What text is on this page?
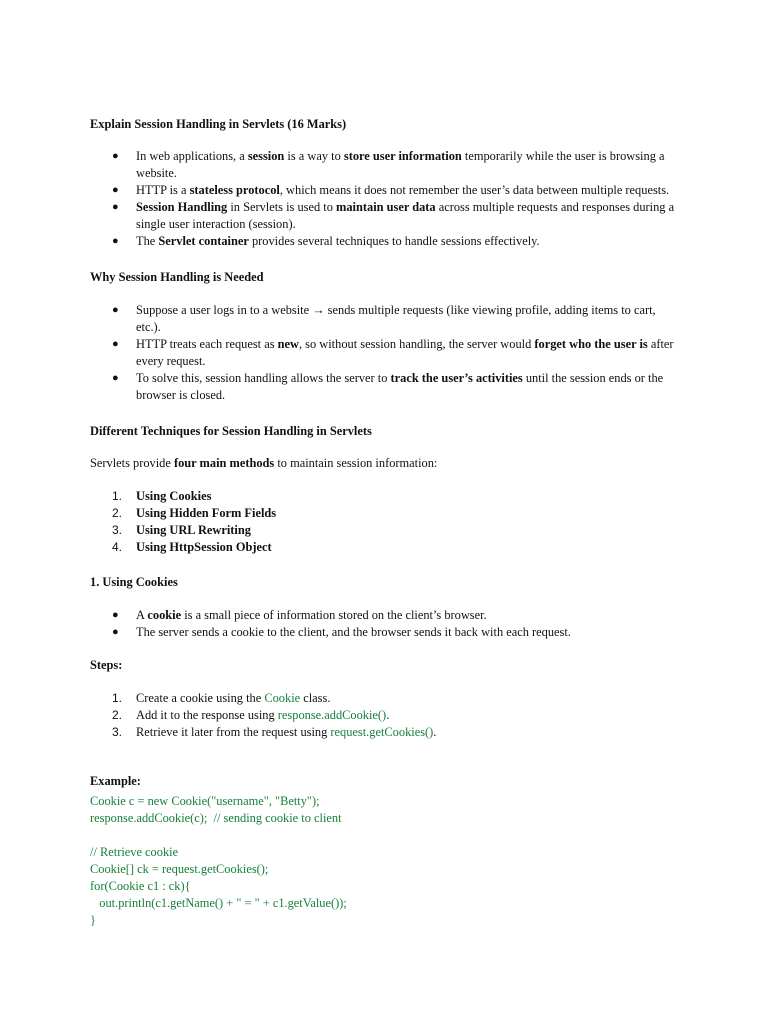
Explain Session Handling in Servlets (16 Marks)
● In web applications, a session is a way to store user information temporarily while the user is browsing a website.
● HTTP is a stateless protocol, which means it does not remember the user’s data between multiple requests.
● Session Handling in Servlets is used to maintain user data across multiple requests and responses during a single user interaction (session).
● The Servlet container provides several techniques to handle sessions effectively.
Why Session Handling is Needed
● Suppose a user logs in to a website → sends multiple requests (like viewing profile, adding items to cart, etc.).
● HTTP treats each request as new, so without session handling, the server would forget who the user is after every request.
● To solve this, session handling allows the server to track the user’s activities until the session ends or the browser is closed.
Different Techniques for Session Handling in Servlets

Servlets provide four main methods to maintain session information:

1. Using Cookies
2. Using Hidden Form Fields
3. Using URL Rewriting
4. Using HttpSession Object
1. Using Cookies
● A cookie is a small piece of information stored on the client’s browser.
● The server sends a cookie to the client, and the browser sends it back with each request.
Steps:
1. Create a cookie using the Cookie class.
2. Add it to the response using response.addCookie().
3. Retrieve it later from the request using request.getCookies().
Example:
Cookie c = new Cookie("username", "Betty");
response.addCookie(c);  // sending cookie to client
// Retrieve cookie
Cookie[] ck = request.getCookies();
for(Cookie c1 : ck){
out.println(c1.getName() + " = " + c1.getValue());
}
